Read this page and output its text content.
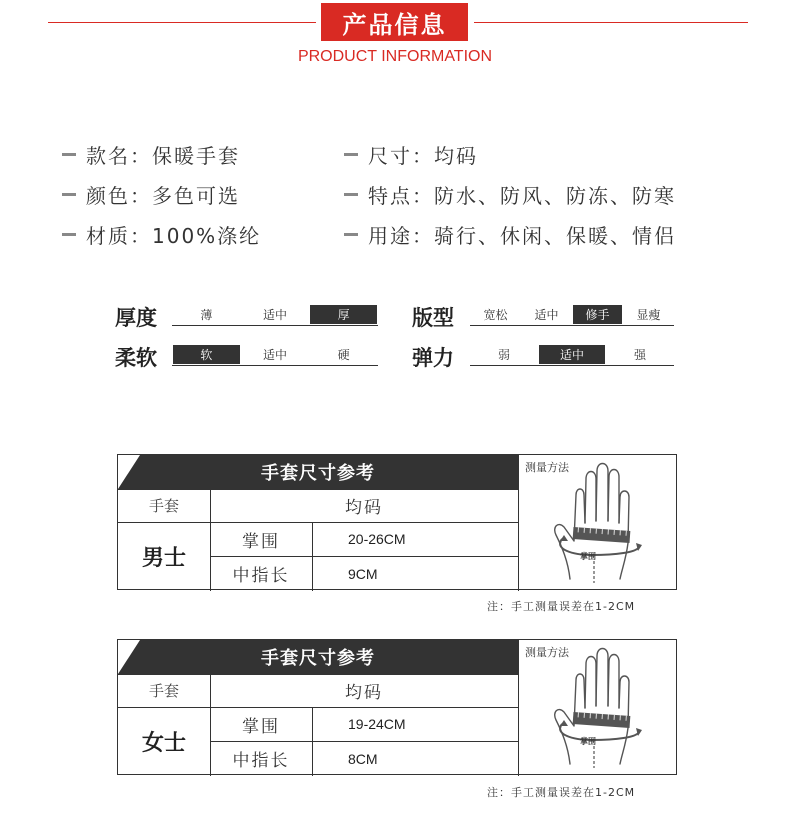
产品信息
PRODUCT INFORMATION
款名： 保暖手套
颜色： 多色可选
材质： 100%涤纶
尺寸： 均码
特点： 防水、防风、防冻、防寒
用途： 骑行、休闲、保暖、情侣
厚度	薄	适中	厚	版型	宽松	适中	修手	显瘦
柔软	软	适中	硬	弹力	弱	适中	强
手套尺寸参考
手套	均码
男士
掌围	20-26CM
中指长	9CM
测量方法
掌围
注：手工测量误差在1-2CM
手套尺寸参考
手套	均码
女士
掌围	19-24CM
中指长	8CM
测量方法
掌围
注：手工测量误差在1-2CM
